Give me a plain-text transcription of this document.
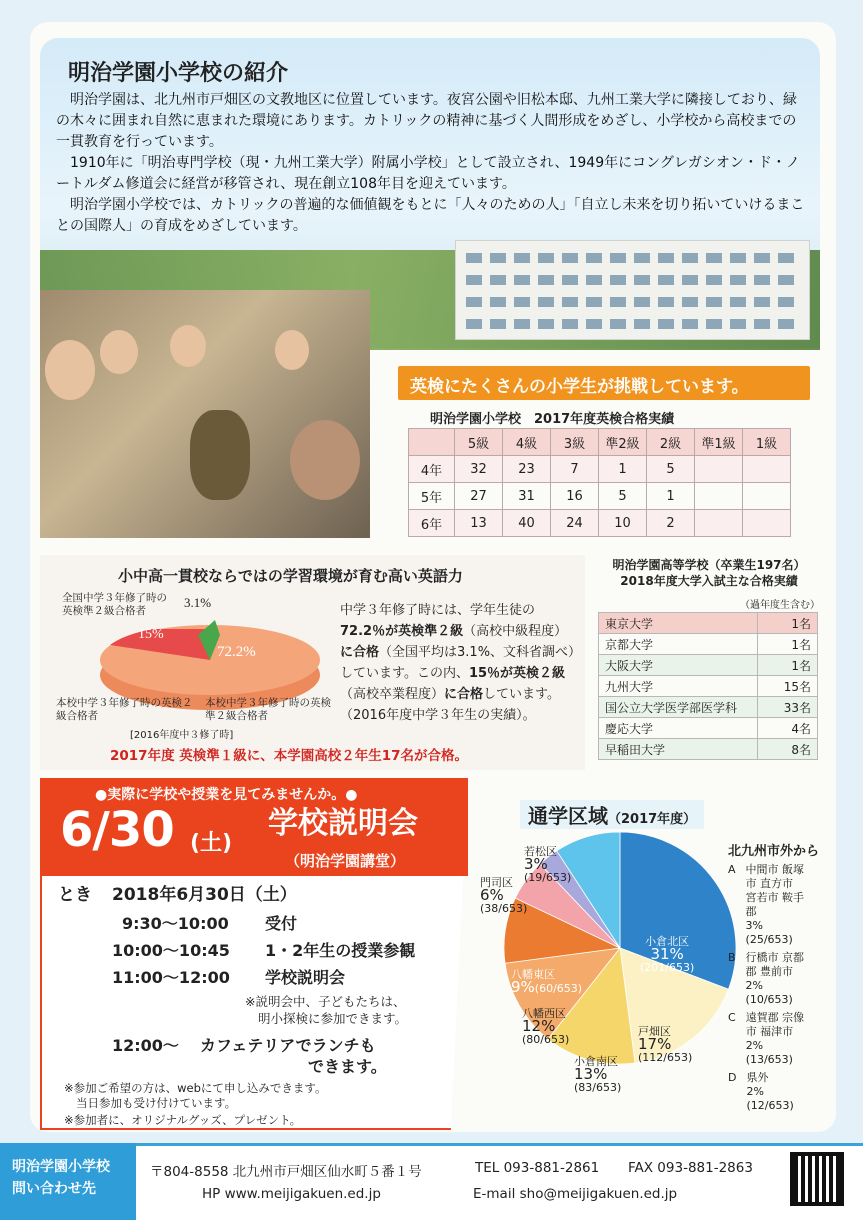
明治学園小学校の紹介

　明治学園は、北九州市戸畑区の文教地区に位置しています。夜宮公園や旧松本邸、九州工業大学に隣接しており、緑の木々に囲まれ自然に恵まれた環境にあります。カトリックの精神に基づく人間形成をめざし、小学校から高校までの一貫教育を行っています。

　1910年に「明治専門学校（現・九州工業大学）附属小学校」として設立され、1949年にコングレガシオン・ド・ノートルダム修道会に経営が移管され、現在創立108年目を迎えています。

　明治学園小学校では、カトリックの普遍的な価値観をもとに「人々のための人」「自立し未来を切り拓いていけるまことの国際人」の育成をめざしています。

英検にたくさんの小学生が挑戦しています。
明治学園小学校　2017年度英検合格実績
	5級	4級	3級	準2級	2級	準1級	1級
4年	32	23	7	1	5		
5年	27	31	16	5	1		
6年	13	40	24	10	2		
小中高一貫校ならではの学習環境が育む高い英語力
全国中学３年修了時の英検準２級合格者
3.1%
15%
72.2%
本校中学３年修了時の英検２級合格者
本校中学３年修了時の英検準２級合格者
[2016年度中３修了時]
中学３年修了時には、学年生徒の72.2％が英検準２級（高校中級程度）に合格（全国平均は3.1%、文科省調べ）しています。この内、15％が英検２級（高校卒業程度）に合格しています。
（2016年度中学３年生の実績）。
2017年度 英検準１級に、本学園高校２年生17名が合格。
明治学園高等学校（卒業生197名）
2018年度大学入試主な合格実績
（過年度生含む）
東京大学	1名
京都大学	1名
大阪大学	1名
九州大学	15名
国公立大学医学部医学科	33名
慶応大学	4名
早稲田大学	8名
●実際に学校や授業を見てみませんか。●
6/30 (土)
学校説明会
（明治学園講堂）
とき 2018年6月30日（土）
9:30〜10:00 受付
10:00〜10:45 1・2年生の授業参観
11:00〜12:00 学校説明会
※説明会中、子どもたちは、
明小探検に参加できます。
12:00〜 カフェテリアでランチも
できます。
※参加ご希望の方は、webにて申し込みできます。
当日参加も受け付けています。
※参加者に、オリジナルグッズ、プレゼント。
通学区域（2017年度）
小倉北区
31%
(201/653)
戸畑区
17%
(112/653)
小倉南区
13%
(83/653)
八幡西区
12%
(80/653)
八幡東区
9%(60/653)
門司区
6%
(38/653)
若松区
3%
(19/653)
北九州市外から
A 中間市 飯塚市 直方市 宮若市 鞍手郡
3% (25/653)
B 行橋市 京都郡 豊前市
2% (10/653)
C 遠賀郡 宗像市 福津市
2% (13/653)
D 県外
2% (12/653)
〒804-8558 北九州市戸畑区仙水町５番１号	TEL 093-881-2861 FAX 093-881-2863
HP www.meijigakuen.ed.jp	E-mail sho@meijigakuen.ed.jp
明治学園小学校
問い合わせ先
